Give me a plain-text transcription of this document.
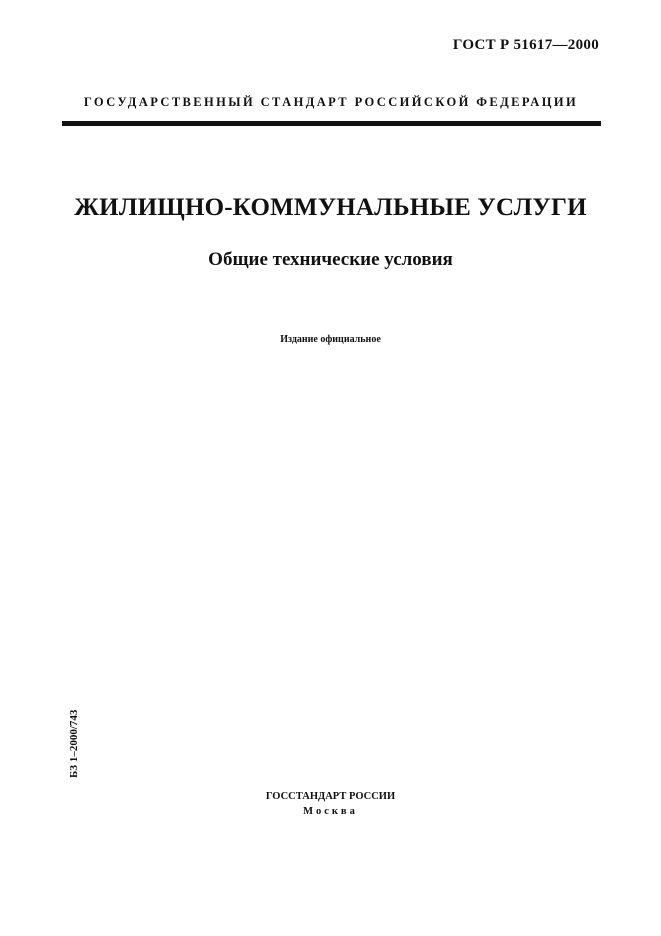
ГОСТ Р 51617—2000
ГОСУДАРСТВЕННЫЙ СТАНДАРТ РОССИЙСКОЙ ФЕДЕРАЦИИ
ЖИЛИЩНО-КОММУНАЛЬНЫЕ УСЛУГИ
Общие технические условия
Издание официальное
БЗ 1–2000/743
ГОССТАНДАРТ РОССИИ
Москва
